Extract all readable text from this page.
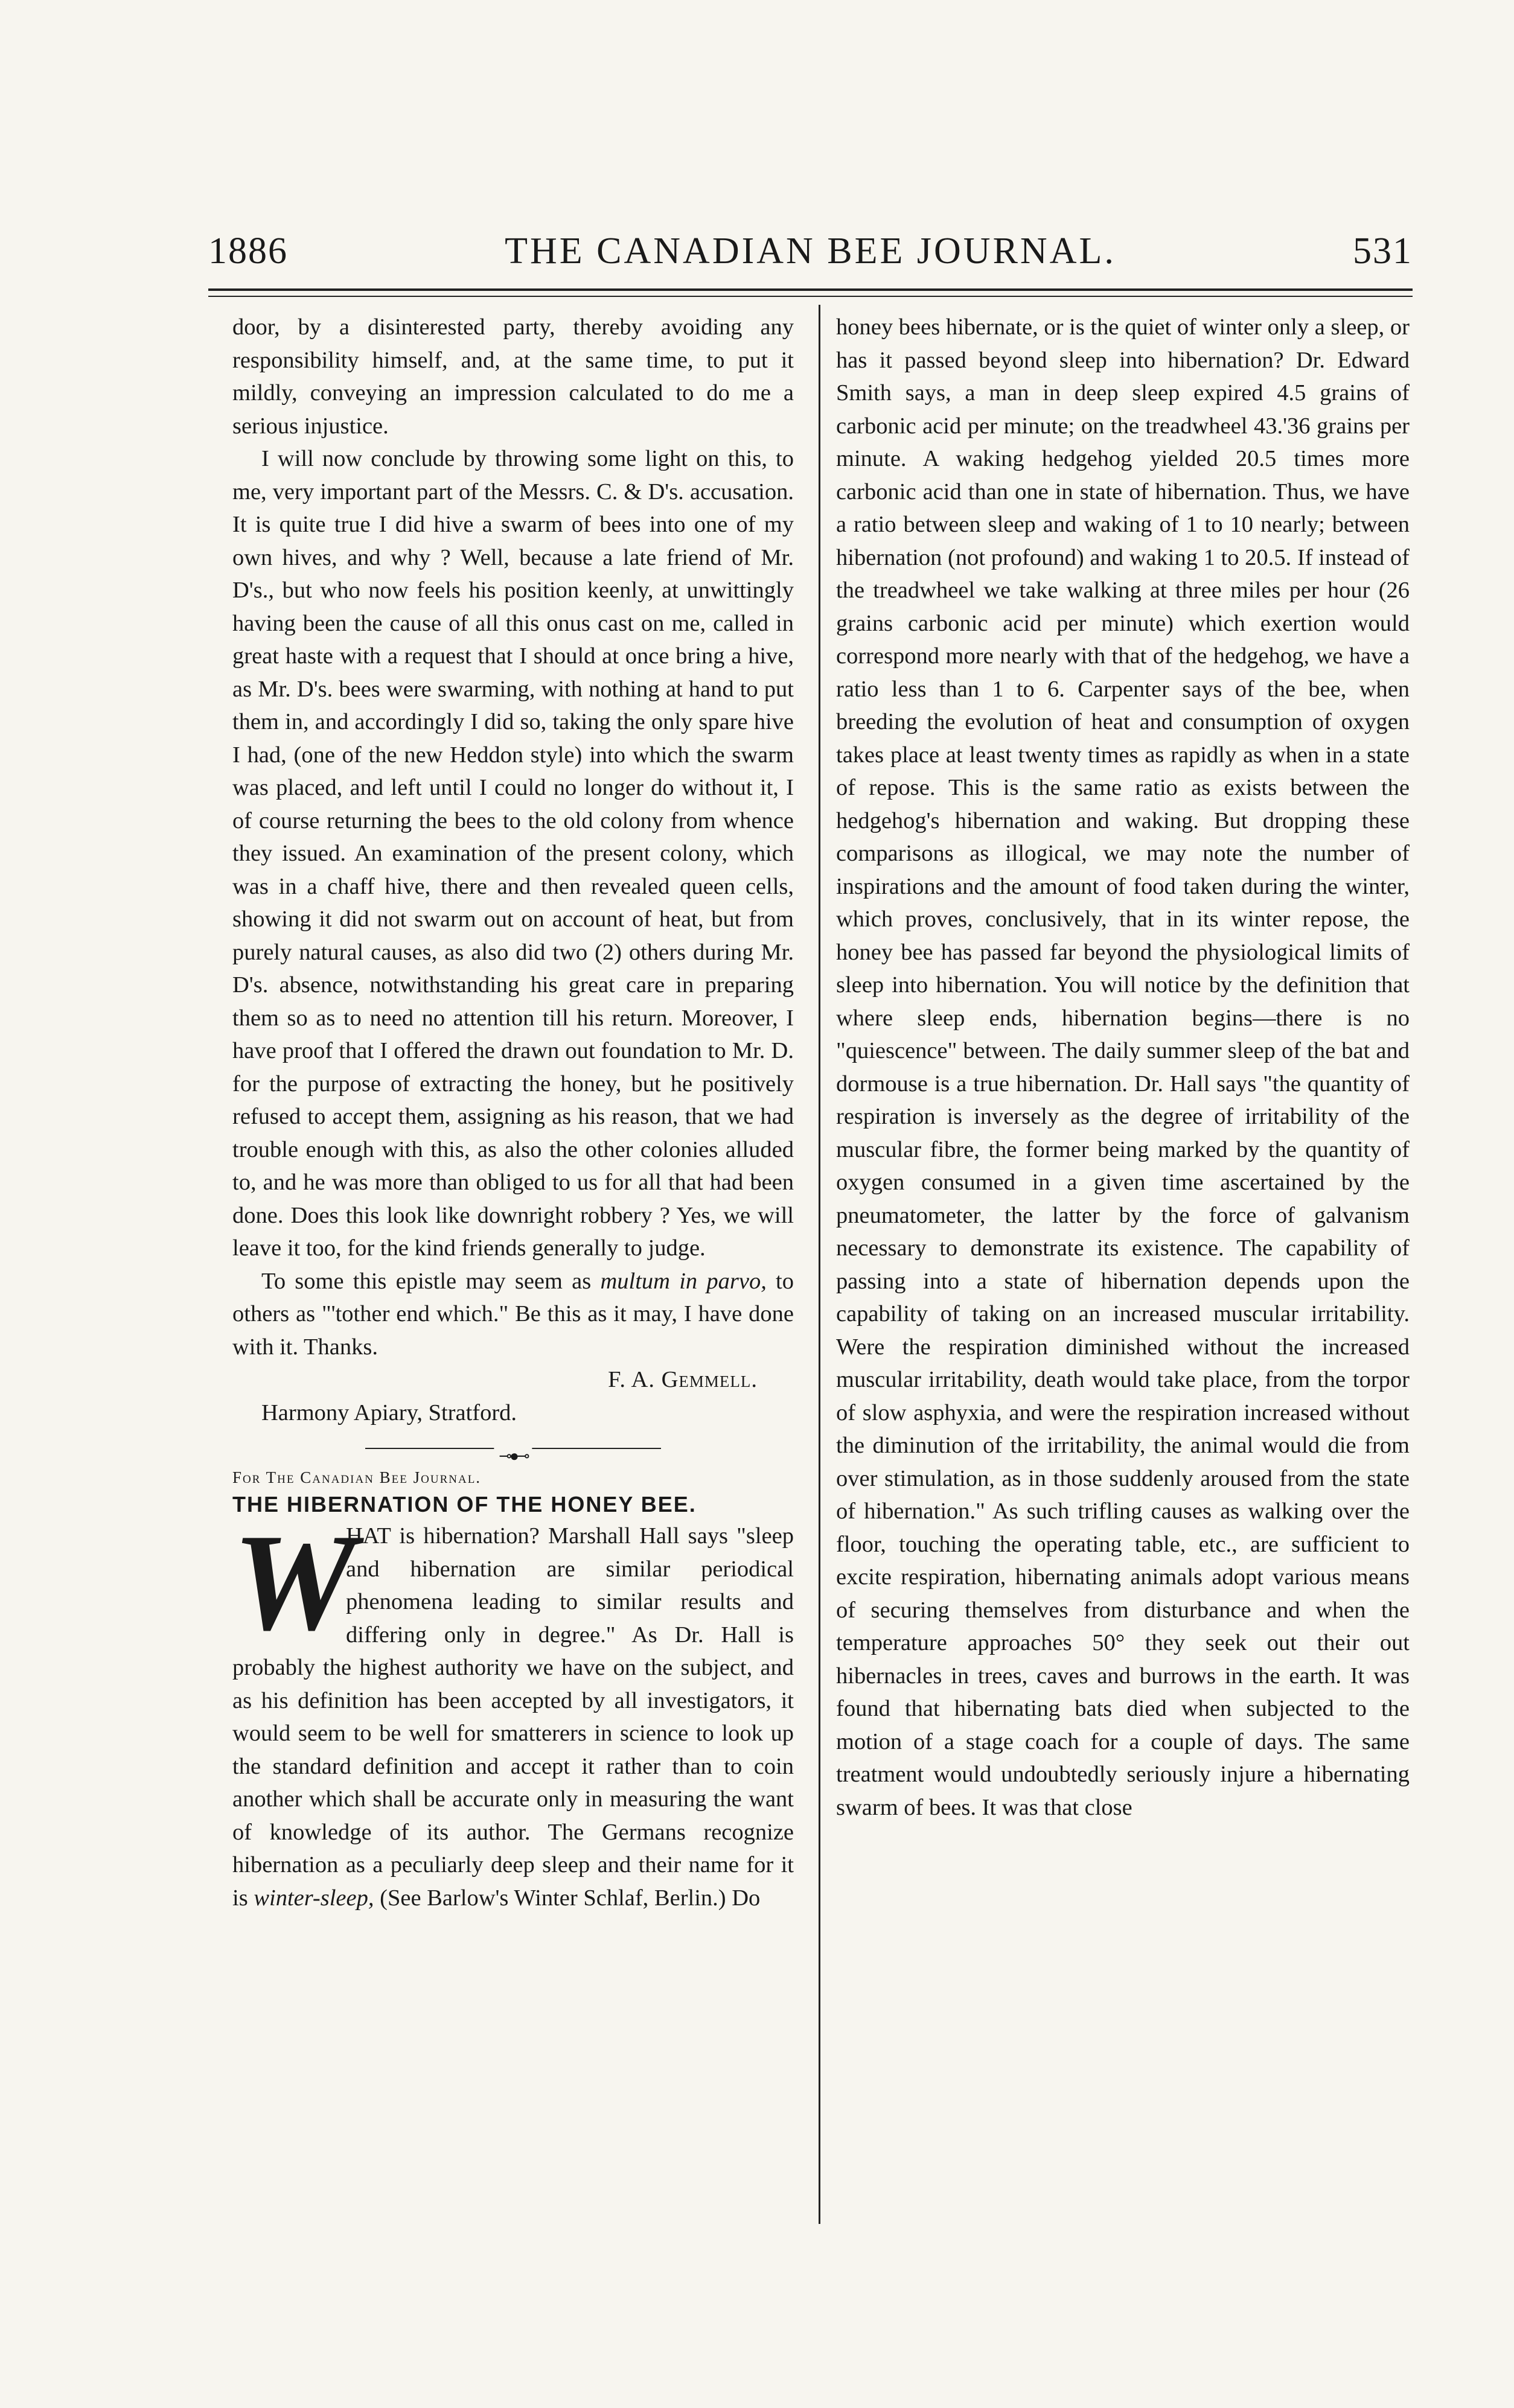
1886	THE CANADIAN BEE JOURNAL.	531

door, by a disinterested party, thereby avoiding any responsibility himself, and, at the same time, to put it mildly, conveying an impression calculated to do me a serious injustice.

I will now conclude by throwing some light on this, to me, very important part of the Messrs. C. & D's. accusation. It is quite true I did hive a swarm of bees into one of my own hives, and why ? Well, because a late friend of Mr. D's., but who now feels his position keenly, at unwittingly having been the cause of all this onus cast on me, called in great haste with a request that I should at once bring a hive, as Mr. D's. bees were swarming, with nothing at hand to put them in, and accordingly I did so, taking the only spare hive I had, (one of the new Heddon style) into which the swarm was placed, and left until I could no longer do without it, I of course returning the bees to the old colony from whence they issued. An examination of the present colony, which was in a chaff hive, there and then revealed queen cells, showing it did not swarm out on account of heat, but from purely natural causes, as also did two (2) others during Mr. D's. absence, notwithstanding his great care in preparing them so as to need no attention till his return. Moreover, I have proof that I offered the drawn out foundation to Mr. D. for the purpose of extracting the honey, but he positively refused to accept them, assigning as his reason, that we had trouble enough with this, as also the other colonies alluded to, and he was more than obliged to us for all that had been done. Does this look like downright robbery ? Yes, we will leave it too, for the kind friends generally to judge.

To some this epistle may seem as multum in parvo, to others as "'tother end which." Be this as it may, I have done with it. Thanks.

F. A. Gemmell.

Harmony Apiary, Stratford.

⊸●⊸

For The Canadian Bee Journal.

THE HIBERNATION OF THE HONEY BEE.

W

HAT is hibernation? Marshall Hall says "sleep and hibernation are similar periodical phenomena leading to similar results and differing only in degree." As Dr. Hall is probably the highest authority we have on the subject, and as his definition has been accepted by all investigators, it would seem to be well for smatterers in science to look up the standard definition and accept it rather than to coin another which shall be accurate only in measuring the want of knowledge of its author. The Germans recognize hibernation as a peculiarly deep sleep and their name for it is winter-sleep, (See Barlow's Winter Schlaf, Berlin.) Do

honey bees hibernate, or is the quiet of winter only a sleep, or has it passed beyond sleep into hibernation? Dr. Edward Smith says, a man in deep sleep expired 4.5 grains of carbonic acid per minute; on the treadwheel 43.'36 grains per minute. A waking hedgehog yielded 20.5 times more carbonic acid than one in state of hibernation. Thus, we have a ratio between sleep and waking of 1 to 10 nearly; between hibernation (not profound) and waking 1 to 20.5. If instead of the treadwheel we take walking at three miles per hour (26 grains carbonic acid per minute) which exertion would correspond more nearly with that of the hedgehog, we have a ratio less than 1 to 6. Carpenter says of the bee, when breeding the evolution of heat and consumption of oxygen takes place at least twenty times as rapidly as when in a state of repose. This is the same ratio as exists between the hedgehog's hibernation and waking. But dropping these comparisons as illogical, we may note the number of inspirations and the amount of food taken during the winter, which proves, conclusively, that in its winter repose, the honey bee has passed far beyond the physiological limits of sleep into hibernation. You will notice by the definition that where sleep ends, hibernation begins—there is no "quiescence" between. The daily summer sleep of the bat and dormouse is a true hibernation. Dr. Hall says "the quantity of respiration is inversely as the degree of irritability of the muscular fibre, the former being marked by the quantity of oxygen consumed in a given time ascertained by the pneumatometer, the latter by the force of galvanism necessary to demonstrate its existence. The capability of passing into a state of hibernation depends upon the capability of taking on an increased muscular irritability. Were the respiration diminished without the increased muscular irritability, death would take place, from the torpor of slow asphyxia, and were the respiration increased without the diminution of the irritability, the animal would die from over stimulation, as in those suddenly aroused from the state of hibernation." As such trifling causes as walking over the floor, touching the operating table, etc., are sufficient to excite respiration, hibernating animals adopt various means of securing themselves from disturbance and when the temperature approaches 50° they seek out their out hibernacles in trees, caves and burrows in the earth. It was found that hibernating bats died when subjected to the motion of a stage coach for a couple of days. The same treatment would undoubtedly seriously injure a hibernating swarm of bees. It was that close
